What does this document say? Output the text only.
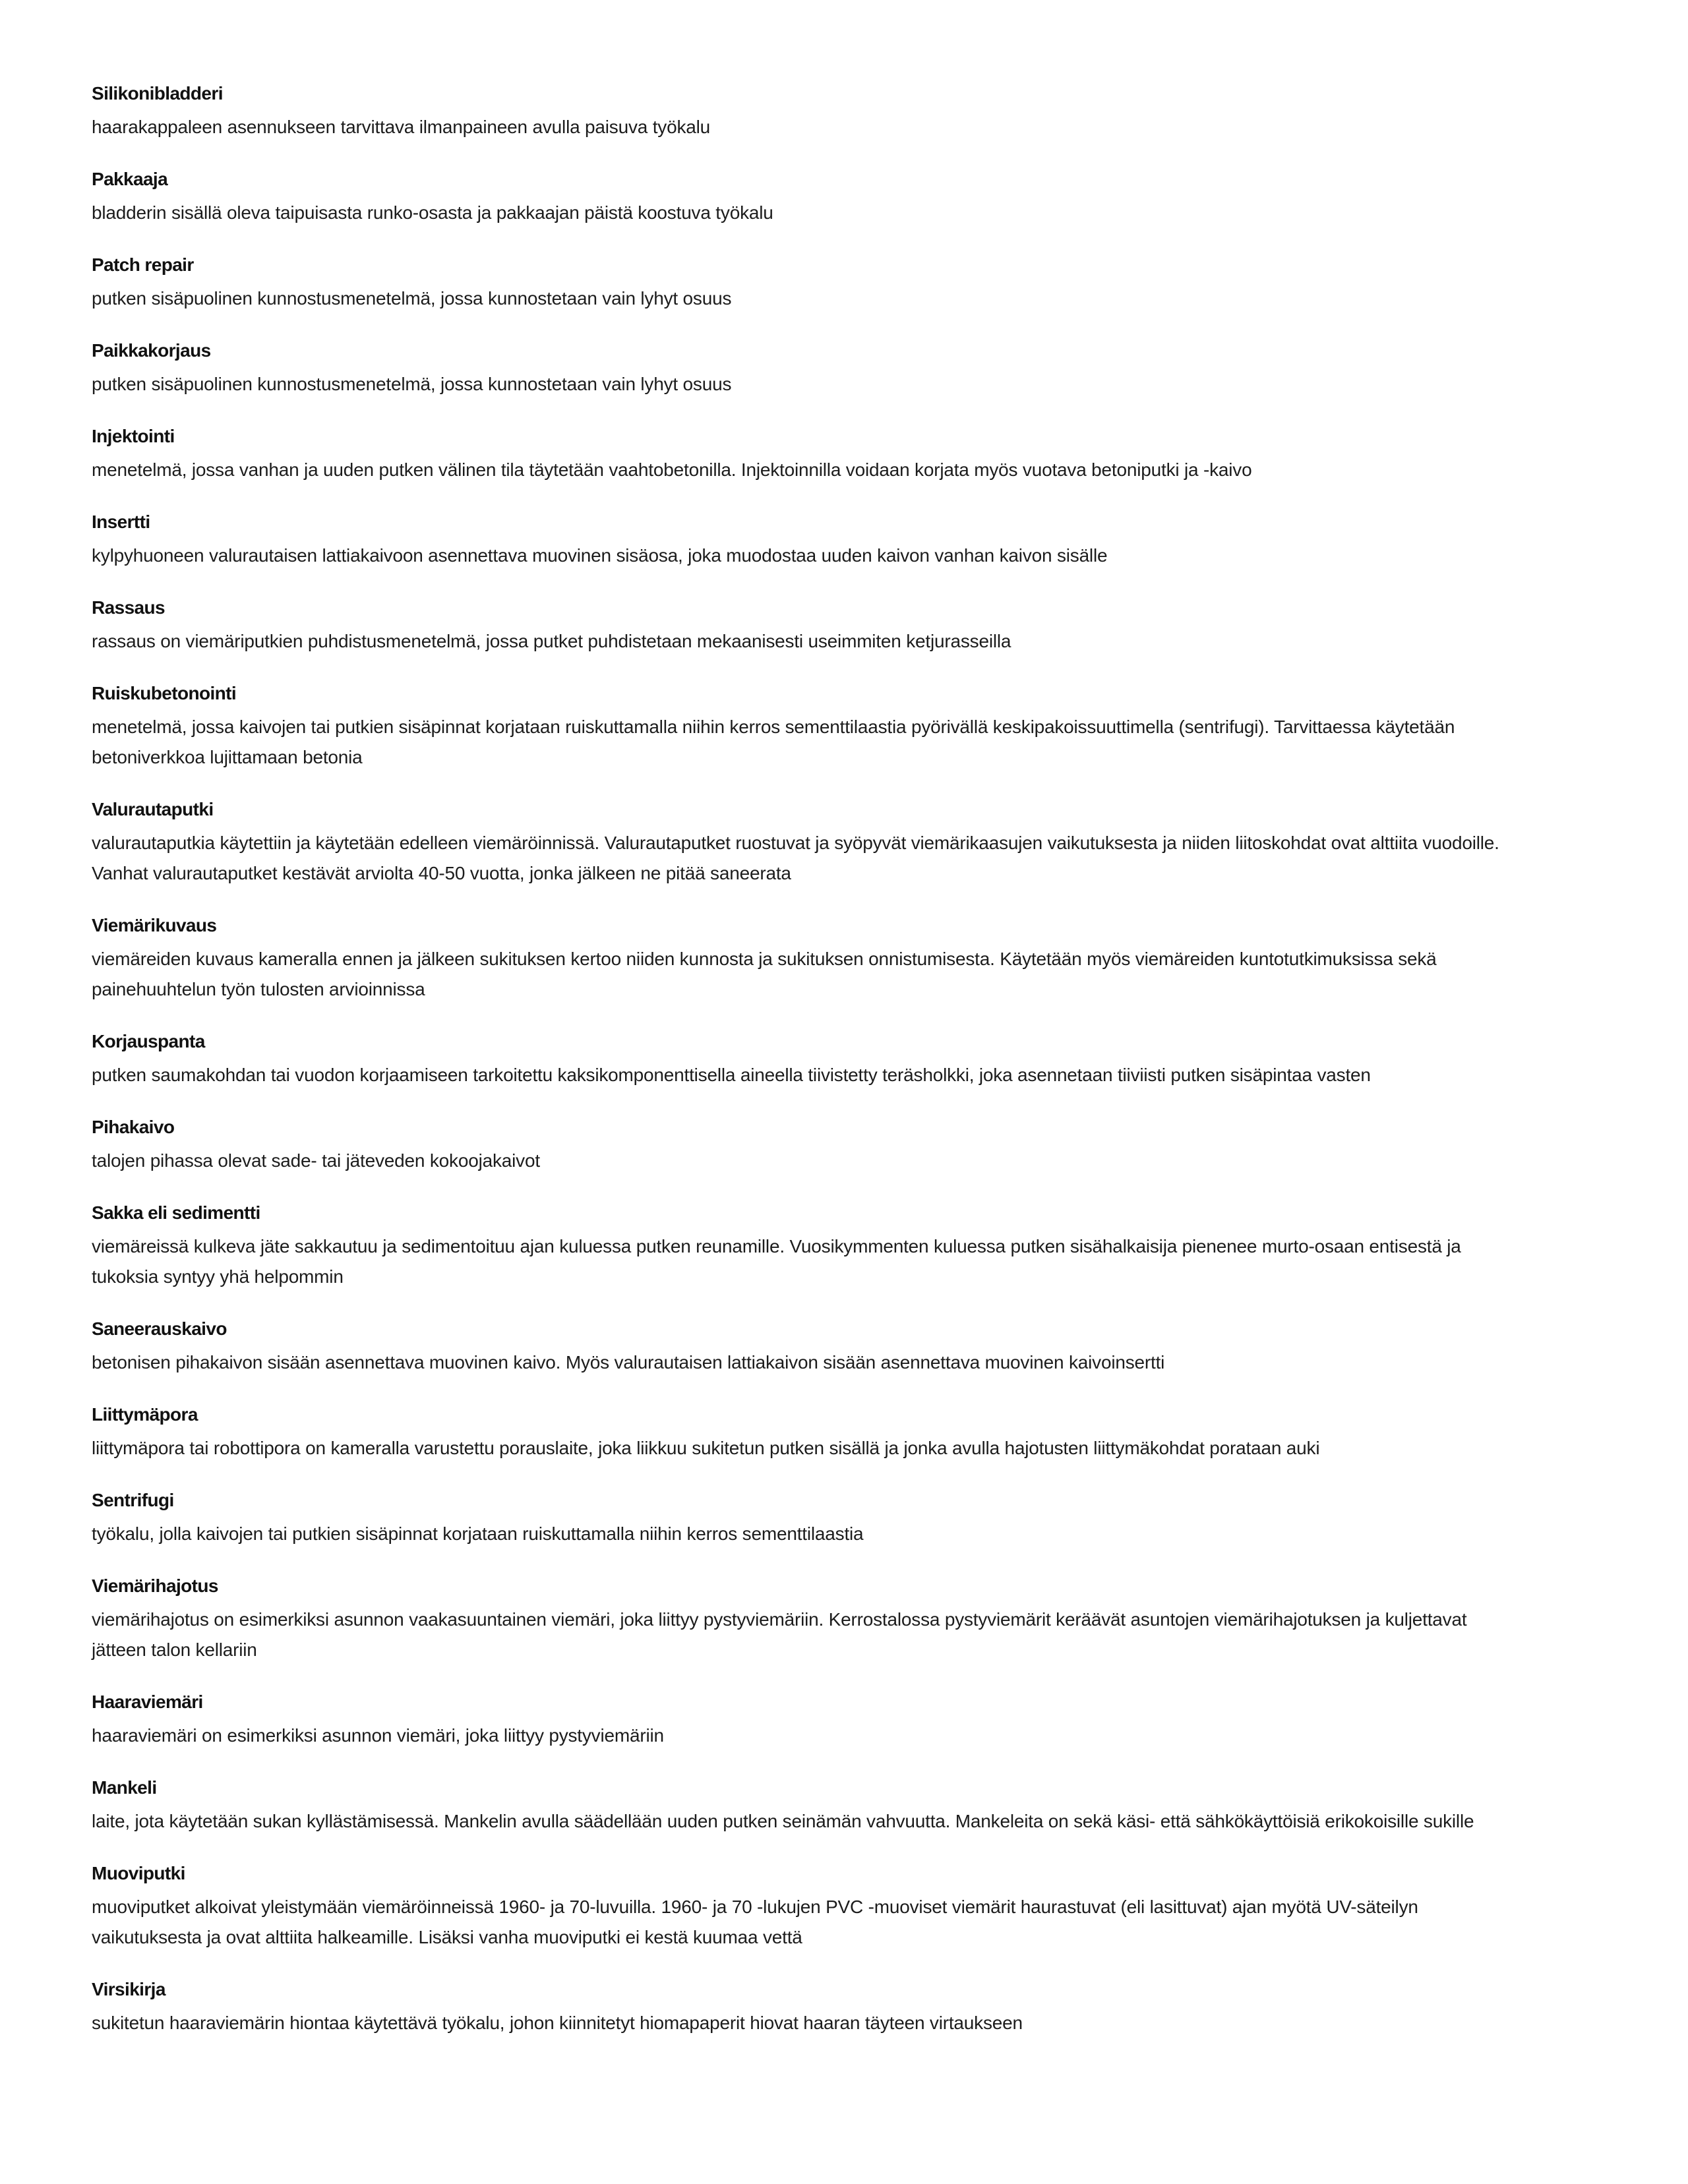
Silikonibladderi
haarakappaleen asennukseen tarvittava ilmanpaineen avulla paisuva työkalu
Pakkaaja
bladderin sisällä oleva taipuisasta runko-osasta ja pakkaajan päistä koostuva työkalu
Patch repair
putken sisäpuolinen kunnostusmenetelmä, jossa kunnostetaan vain lyhyt osuus
Paikkakorjaus
putken sisäpuolinen kunnostusmenetelmä, jossa kunnostetaan vain lyhyt osuus
Injektointi
menetelmä, jossa vanhan ja uuden putken välinen tila täytetään vaahtobetonilla. Injektoinnilla voidaan korjata myös vuotava betoniputki ja -kaivo
Insertti
kylpyhuoneen valurautaisen lattiakaivoon asennettava muovinen sisäosa, joka muodostaa uuden kaivon vanhan kaivon sisälle
Rassaus
rassaus on viemäriputkien puhdistusmenetelmä, jossa putket puhdistetaan mekaanisesti useimmiten ketjurasseilla
Ruiskubetonointi
menetelmä, jossa kaivojen tai putkien sisäpinnat korjataan ruiskuttamalla niihin kerros sementtilaastia pyörivällä keskipakoissuuttimella (sentrifugi). Tarvittaessa käytetään betoniverkkoa lujittamaan betonia
Valurautaputki
valurautaputkia käytettiin ja käytetään edelleen viemäröinnissä. Valurautaputket ruostuvat ja syöpyvät viemärikaasujen vaikutuksesta ja niiden liitoskohdat ovat alttiita vuodoille. Vanhat valurautaputket kestävät arviolta 40-50 vuotta, jonka jälkeen ne pitää saneerata
Viemärikuvaus
viemäreiden kuvaus kameralla ennen ja jälkeen sukituksen kertoo niiden kunnosta ja sukituksen onnistumisesta. Käytetään myös viemäreiden kuntotutkimuksissa sekä painehuuhtelun työn tulosten arvioinnissa
Korjauspanta
putken saumakohdan tai vuodon korjaamiseen tarkoitettu kaksikomponenttisella aineella tiivistetty teräsholkki, joka asennetaan tiiviisti putken sisäpintaa vasten
Pihakaivo
talojen pihassa olevat sade- tai jäteveden kokoojakaivot
Sakka eli sedimentti
viemäreissä kulkeva jäte sakkautuu ja sedimentoituu ajan kuluessa putken reunamille. Vuosikymmenten kuluessa putken sisähalkaisija pienenee murto-osaan entisestä ja tukoksia syntyy yhä helpommin
Saneerauskaivo
betonisen pihakaivon sisään asennettava muovinen kaivo. Myös valurautaisen lattiakaivon sisään asennettava muovinen kaivoinsertti
Liittymäpora
liittymäpora tai robottipora on kameralla varustettu porauslaite, joka liikkuu sukitetun putken sisällä ja jonka avulla hajotusten liittymäkohdat porataan auki
Sentrifugi
työkalu, jolla kaivojen tai putkien sisäpinnat korjataan ruiskuttamalla niihin kerros sementtilaastia
Viemärihajotus
viemärihajotus on esimerkiksi asunnon vaakasuuntainen viemäri, joka liittyy pystyviemäriin. Kerrostalossa pystyviemärit keräävät asuntojen viemärihajotuksen ja kuljettavat jätteen talon kellariin
Haaraviemäri
haaraviemäri on esimerkiksi asunnon viemäri, joka liittyy pystyviemäriin
Mankeli
laite, jota käytetään sukan kyllästämisessä. Mankelin avulla säädellään uuden putken seinämän vahvuutta. Mankeleita on sekä käsi- että sähkökäyttöisiä erikokoisille sukille
Muoviputki
muoviputket alkoivat yleistymään viemäröinneissä 1960- ja 70-luvuilla. 1960- ja 70 -lukujen PVC -muoviset viemärit haurastuvat (eli lasittuvat) ajan myötä UV-säteilyn vaikutuksesta ja ovat alttiita halkeamille. Lisäksi vanha muoviputki ei kestä kuumaa vettä
Virsikirja
sukitetun haaraviemärin hiontaa käytettävä työkalu, johon kiinnitetyt hiomapaperit hiovat haaran täyteen virtaukseen
